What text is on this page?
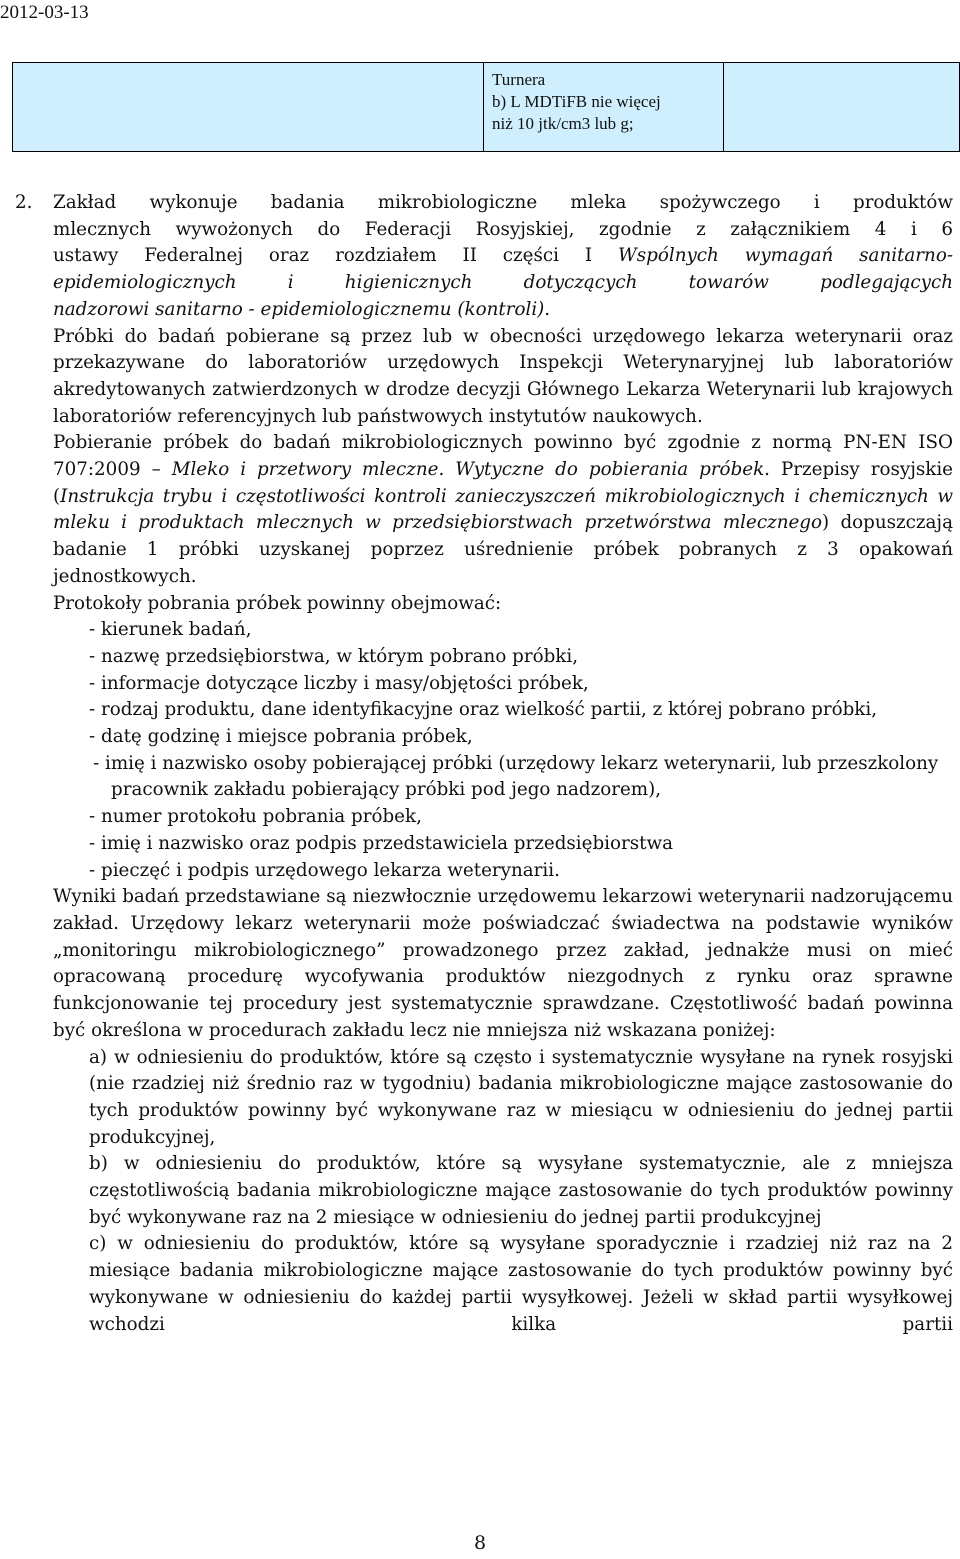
2012-03-13
Turnera
b) L MDTiFB nie więcej
niż 10 jtk/cm3 lub g;
2. Zakład wykonuje badania mikrobiologiczne mleka spożywczego i produktów

mlecznych wywożonych do Federacji Rosyjskiej, zgodnie z załącznikiem 4 i 6

ustawy Federalnej oraz rozdziałem II części I Wspólnych wymagań sanitarno-

epidemiologicznych i higienicznych dotyczących towarów podlegających

nadzorowi sanitarno - epidemiologicznemu (kontroli).

Próbki do badań pobierane są przez lub w obecności urzędowego lekarza weterynarii oraz przekazywane do laboratoriów urzędowych Inspekcji Weterynaryjnej lub laboratoriów akredytowanych zatwierdzonych w drodze decyzji Głównego Lekarza Weterynarii lub krajowych laboratoriów referencyjnych lub państwowych instytutów naukowych.

Pobieranie próbek do badań mikrobiologicznych powinno być zgodnie z normą PN-EN ISO 707:2009 – Mleko i przetwory mleczne. Wytyczne do pobierania próbek. Przepisy rosyjskie (Instrukcja trybu i częstotliwości kontroli zanieczyszczeń mikrobiologicznych i chemicznych w mleku i produktach mlecznych w przedsiębiorstwach przetwórstwa mlecznego) dopuszczają badanie 1 próbki uzyskanej poprzez uśrednienie próbek pobranych z 3 opakowań jednostkowych.

Protokoły pobrania próbek powinny obejmować:

- kierunek badań,

- nazwę przedsiębiorstwa, w którym pobrano próbki,

- informacje dotyczące liczby i masy/objętości próbek,

- rodzaj produktu, dane identyfikacyjne oraz wielkość partii, z której pobrano próbki,

- datę godzinę i miejsce pobrania próbek,

- imię i nazwisko osoby pobierającej próbki (urzędowy lekarz weterynarii, lub przeszkolony pracownik zakładu pobierający próbki pod jego nadzorem),

- numer protokołu pobrania próbek,

- imię i nazwisko oraz podpis przedstawiciela przedsiębiorstwa

- pieczęć i podpis urzędowego lekarza weterynarii.

Wyniki badań przedstawiane są niezwłocznie urzędowemu lekarzowi weterynarii nadzorującemu zakład. Urzędowy lekarz weterynarii może poświadczać świadectwa na podstawie wyników „monitoringu mikrobiologicznego” prowadzonego przez zakład, jednakże musi on mieć opracowaną procedurę wycofywania produktów niezgodnych z rynku oraz sprawne funkcjonowanie tej procedury jest systematycznie sprawdzane. Częstotliwość badań powinna być określona w procedurach zakładu lecz nie mniejsza niż wskazana poniżej:

a) w odniesieniu do produktów, które są często i systematycznie wysyłane na rynek rosyjski (nie rzadziej niż średnio raz w tygodniu) badania mikrobiologiczne mające zastosowanie do tych produktów powinny być wykonywane raz w miesiącu w odniesieniu do jednej partii produkcyjnej,

b) w odniesieniu do produktów, które są wysyłane systematycznie, ale z mniejsza częstotliwością badania mikrobiologiczne mające zastosowanie do tych produktów powinny być wykonywane raz na 2 miesiące w odniesieniu do jednej partii produkcyjnej

c) w odniesieniu do produktów, które są wysyłane sporadycznie i rzadziej niż raz na 2 miesiące badania mikrobiologiczne mające zastosowanie do tych produktów powinny być wykonywane w odniesieniu do każdej partii wysyłkowej. Jeżeli w skład partii wysyłkowej wchodzi kilka partii

8
